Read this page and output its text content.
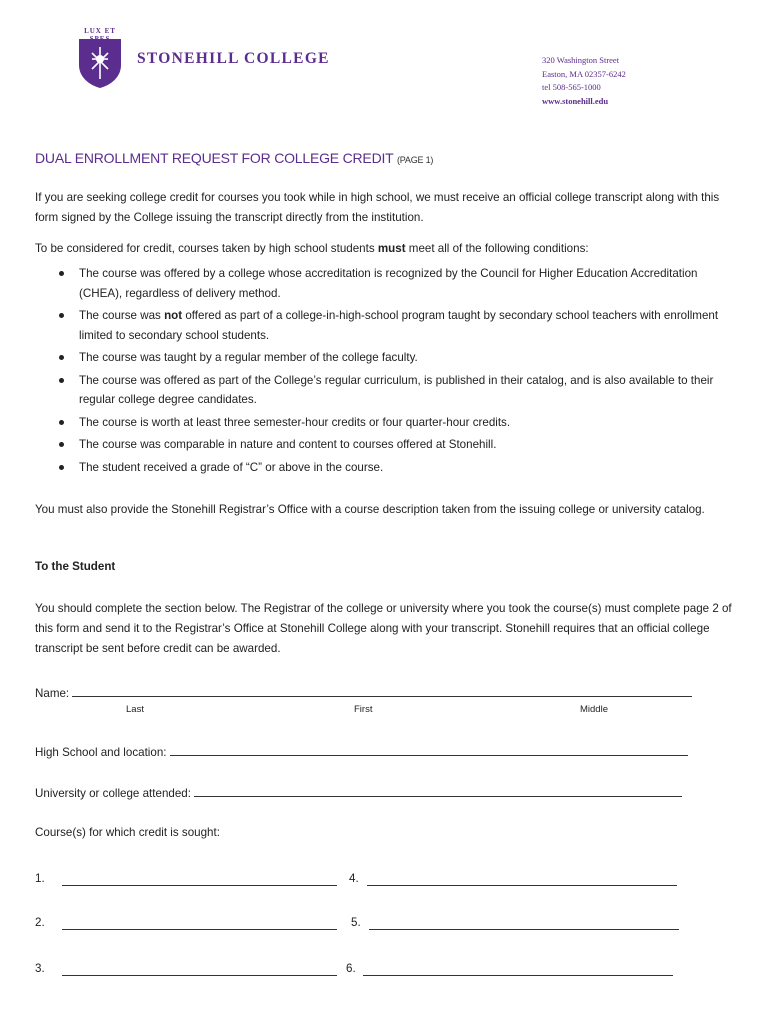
LUX ET
STONEHILL COLLEGE	320 Washington Street
Easton, MA 02357-6242
tel 508-565-1000
www.stonehill.edu
DUAL ENROLLMENT REQUEST FOR COLLEGE CREDIT (PAGE 1)
If you are seeking college credit for courses you took while in high school, we must receive an official college transcript along with this form signed by the College issuing the transcript directly from the institution.
To be considered for credit, courses taken by high school students must meet all of the following conditions:
The course was offered by a college whose accreditation is recognized by the Council for Higher Education Accreditation (CHEA), regardless of delivery method.
The course was not offered as part of a college-in-high-school program taught by secondary school teachers with enrollment limited to secondary school students.
The course was taught by a regular member of the college faculty.
The course was offered as part of the College’s regular curriculum, is published in their catalog, and is also available to their regular college degree candidates.
The course is worth at least three semester-hour credits or four quarter-hour credits.
The course was comparable in nature and content to courses offered at Stonehill.
The student received a grade of “C” or above in the course.
You must also provide the Stonehill Registrar’s Office with a course description taken from the issuing college or university catalog.
To the Student
You should complete the section below. The Registrar of the college or university where you took the course(s) must complete page 2 of this form and send it to the Registrar’s Office at Stonehill College along with your transcript. Stonehill requires that an official college transcript be sent before credit can be awarded.
Name:
Last	First	Middle
High School and location:
University or college attended:
Course(s) for which credit is sought:
1.	4.
2.	5.
3.	6.
